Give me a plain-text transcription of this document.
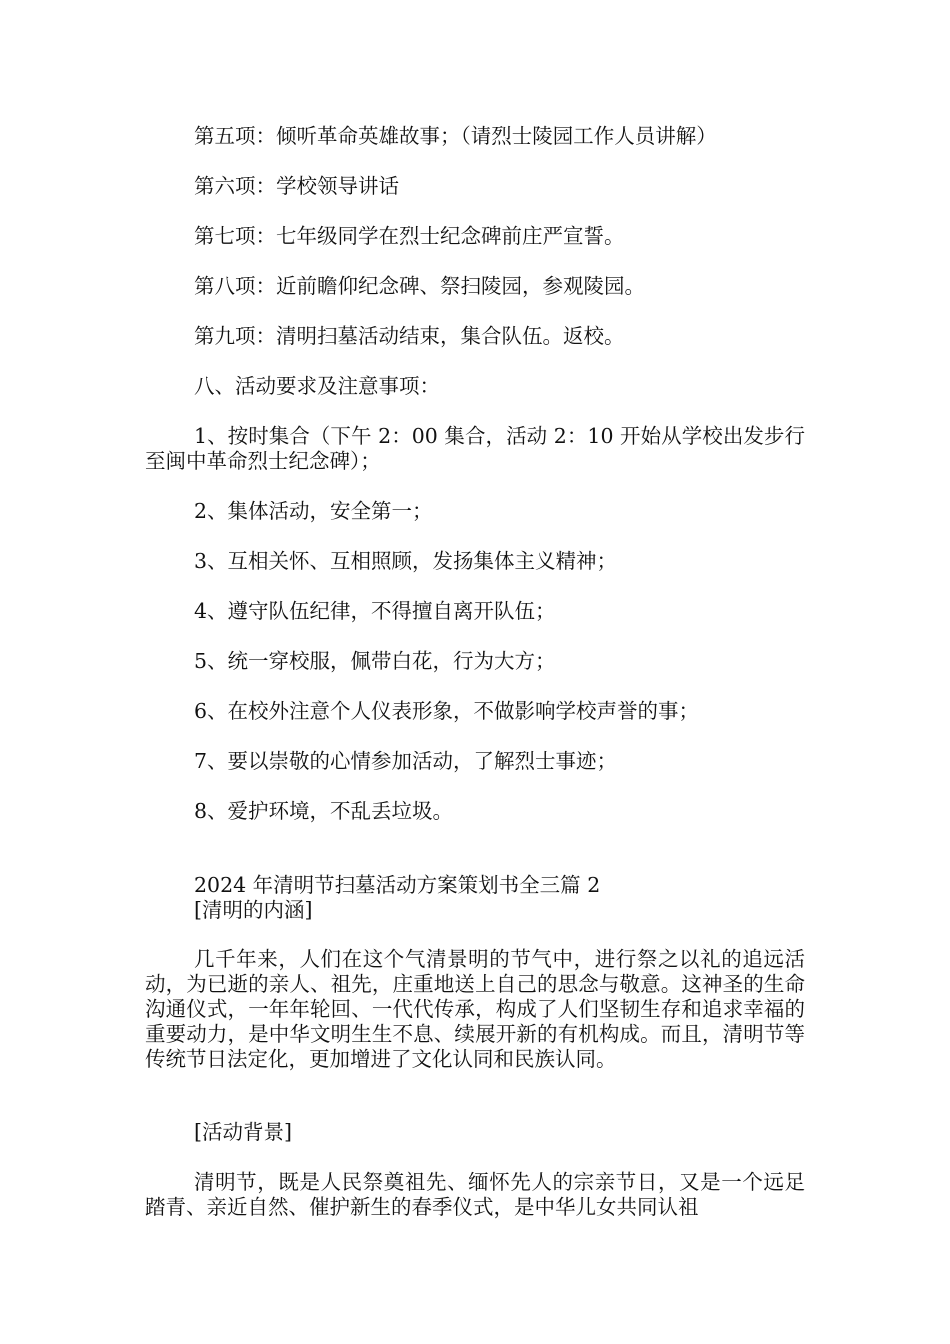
第五项：倾听革命英雄故事；（请烈士陵园工作人员讲解）

第六项：学校领导讲话

第七项：七年级同学在烈士纪念碑前庄严宣誓。

第八项：近前瞻仰纪念碑、祭扫陵园，参观陵园。

第九项：清明扫墓活动结束，集合队伍。返校。

八、活动要求及注意事项：

1、按时集合（下午 2：00 集合，活动 2：10 开始从学校出发步行至闽中革命烈士纪念碑）；

2、集体活动，安全第一；

3、互相关怀、互相照顾，发扬集体主义精神；

4、遵守队伍纪律，不得擅自离开队伍；

5、统一穿校服，佩带白花，行为大方；

6、在校外注意个人仪表形象，不做影响学校声誉的事；

7、要以崇敬的心情参加活动，了解烈士事迹；

8、爱护环境，不乱丢垃圾。

2024 年清明节扫墓活动方案策划书全三篇 2

[清明的内涵]

几千年来，人们在这个气清景明的节气中，进行祭之以礼的追远活动，为已逝的亲人、祖先，庄重地送上自己的思念与敬意。这神圣的生命沟通仪式，一年年轮回、一代代传承，构成了人们坚韧生存和追求幸福的重要动力，是中华文明生生不息、续展开新的有机构成。而且，清明节等传统节日法定化，更加增进了文化认同和民族认同。

[活动背景]

清明节，既是人民祭奠祖先、缅怀先人的宗亲节日，又是一个远足踏青、亲近自然、催护新生的春季仪式，是中华儿女共同认祖
